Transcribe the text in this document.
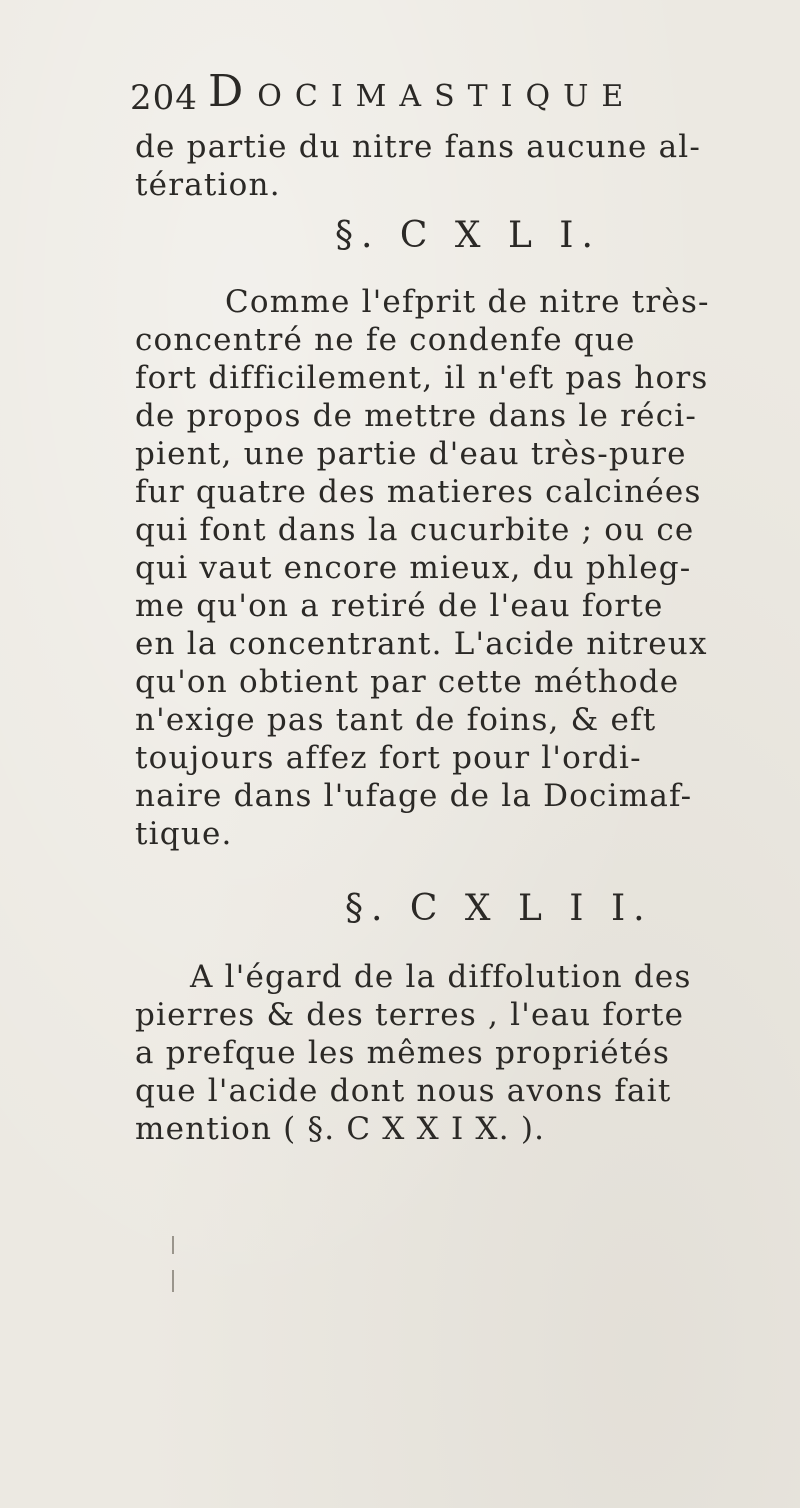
204 DOCIMASTIQUE
de partie du nitre fans aucune al-
tération.
§. C X L I.
Comme l'efprit de nitre très-
concentré ne fe condenfe que
fort difficilement, il n'eft pas hors
de propos de mettre dans le réci-
pient, une partie d'eau très-pure
fur quatre des matieres calcinées
qui font dans la cucurbite ; ou ce
qui vaut encore mieux, du phleg-
me qu'on a retiré de l'eau forte
en la concentrant. L'acide nitreux
qu'on obtient par cette méthode
n'exige pas tant de foins, & eft
toujours affez fort pour l'ordi-
naire dans l'ufage de la Docimaf-
tique.
§. C X L I I.
A l'égard de la diffolution des
pierres & des terres , l'eau forte
a prefque les mêmes propriétés
que l'acide dont nous avons fait
mention ( §. C X X I X. ).
